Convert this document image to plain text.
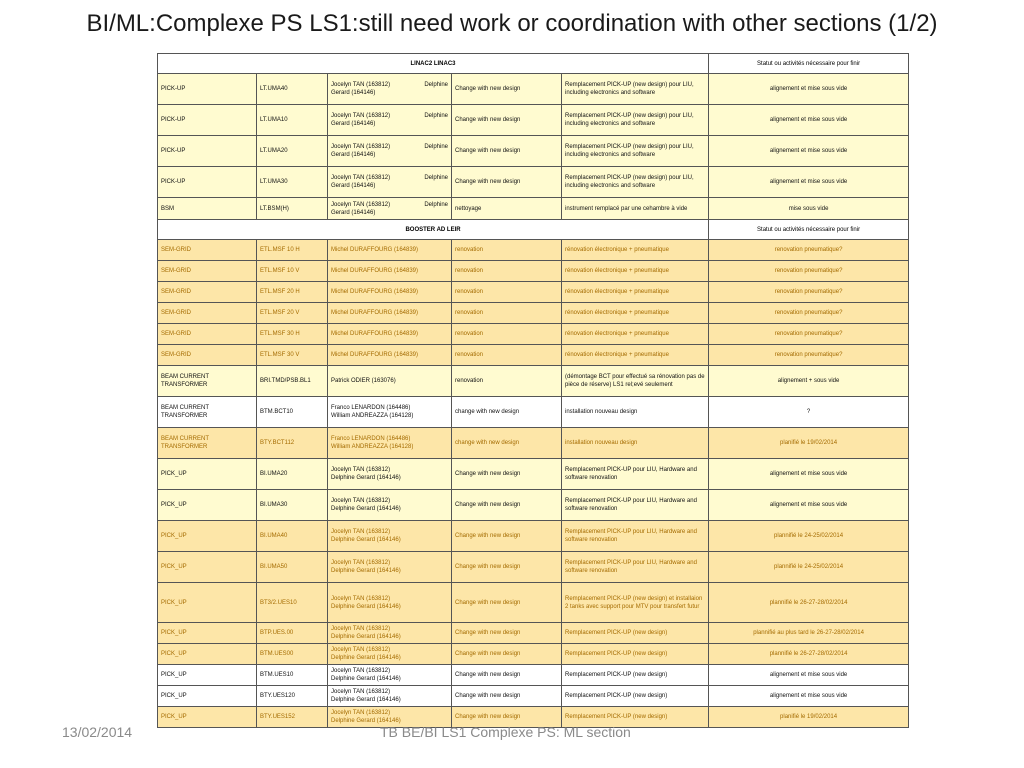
BI/ML:Complexe PS LS1:still need work or coordination with other sections (1/2)
LINAC2 LINAC3					Statut ou activités nécessaire pour finir
PICK-UP	LT.UMA40	Jocelyn TAN (163812) Delphine
Gerard (164146)	Change with new design	Remplacement PICK-UP (new design) pour LIU, including electronics and software	alignement et mise sous vide
PICK-UP	LT.UMA10	Jocelyn TAN (163812) Delphine
Gerard (164146)	Change with new design	Remplacement PICK-UP (new design) pour LIU, including electronics and software	alignement et mise sous vide
PICK-UP	LT.UMA20	Jocelyn TAN (163812) Delphine
Gerard (164146)	Change with new design	Remplacement PICK-UP (new design) pour LIU, including electronics and software	alignement et mise sous vide
PICK-UP	LT.UMA30	Jocelyn TAN (163812) Delphine
Gerard (164146)	Change with new design	Remplacement PICK-UP (new design) pour LIU, including electronics and software	alignement et mise sous vide
BSM	LT.BSM(H)	Jocelyn TAN (163812) Delphine
Gerard (164146)	nettoyage	instrument remplacé par une cehambre à vide	mise sous vide
BOOSTER AD LEIR					Statut ou activités nécessaire pour finir
SEM-GRID	ETL.MSF 10 H	Michel DURAFFOURG (164839)	renovation	rénovation électronique + pneumatique	renovation pneumatique?
SEM-GRID	ETL.MSF 10 V	Michel DURAFFOURG (164839)	renovation	rénovation électronique + pneumatique	renovation pneumatique?
SEM-GRID	ETL.MSF 20 H	Michel DURAFFOURG (164839)	renovation	rénovation électronique + pneumatique	renovation pneumatique?
SEM-GRID	ETL.MSF 20 V	Michel DURAFFOURG (164839)	renovation	rénovation électronique + pneumatique	renovation pneumatique?
SEM-GRID	ETL.MSF 30 H	Michel DURAFFOURG (164839)	renovation	rénovation électronique + pneumatique	renovation pneumatique?
SEM-GRID	ETL.MSF 30 V	Michel DURAFFOURG (164839)	renovation	rénovation électronique + pneumatique	renovation pneumatique?
BEAM CURRENT TRANSFORMER	BRI.TMD/PSB.BL1	Patrick ODIER (163076)	renovation	(démontage BCT pour effectué sa rénovation pas de pièce de réserve) LS1 rel;evé seulement	alignement + sous vide
BEAM CURRENT TRANSFORMER	BTM.BCT10	Franco LENARDON (164486)
William ANDREAZZA (164128)	change with new design	installation nouveau design	?
BEAM CURRENT TRANSFORMER	BTY.BCT112	Franco LENARDON (164486)
William ANDREAZZA (164128)	change with new design	installation nouveau design	planifié le 19/02/2014
PICK_UP	BI.UMA20	Jocelyn TAN (163812)
Delphine Gerard (164146)	Change with new design	Remplacement PICK-UP pour LIU, Hardware and software renovation	alignement et mise sous vide
PICK_UP	BI.UMA30	Jocelyn TAN (163812)
Delphine Gerard (164146)	Change with new design	Remplacement PICK-UP pour LIU, Hardware and software renovation	alignement et mise sous vide
PICK_UP	BI.UMA40	Jocelyn TAN (163812)
Delphine Gerard (164146)	Change with new design	Remplacement PICK-UP pour LIU, Hardware and software renovation	plannifié le 24-25/02/2014
PICK_UP	BI.UMA50	Jocelyn TAN (163812)
Delphine Gerard (164146)	Change with new design	Remplacement PICK-UP pour LIU, Hardware and software renovation	plannifié le 24-25/02/2014
PICK_UP	BT3/2.UES10	Jocelyn TAN (163812)
Delphine Gerard (164146)	Change with new design	Remplacement PICK-UP (new design) et installaion 2 tanks avec support pour MTV pour transfert futur	plannifié le 26-27-28/02/2014
PICK_UP	BTP.UES.00	Jocelyn TAN (163812)
Delphine Gerard (164146)	Change with new design	Remplacement PICK-UP (new design)	plannifié au plus tard le 26-27-28/02/2014
PICK_UP	BTM.UES00	Jocelyn TAN (163812)
Delphine Gerard (164146)	Change with new design	Remplacement PICK-UP (new design)	plannifié le 26-27-28/02/2014
PICK_UP	BTM.UES10	Jocelyn TAN (163812)
Delphine Gerard (164146)	Change with new design	Remplacement PICK-UP (new design)	alignement et mise sous vide
PICK_UP	BTY.UES120	Jocelyn TAN (163812)
Delphine Gerard (164146)	Change with new design	Remplacement PICK-UP (new design)	alignement et mise sous vide
PICK_UP	BTY.UES152	Jocelyn TAN (163812)
Delphine Gerard (164146)	Change with new design	Remplacement PICK-UP (new design)	planifié le 19/02/2014
13/02/2014	TB BE/BI LS1 Complexe PS: ML section
